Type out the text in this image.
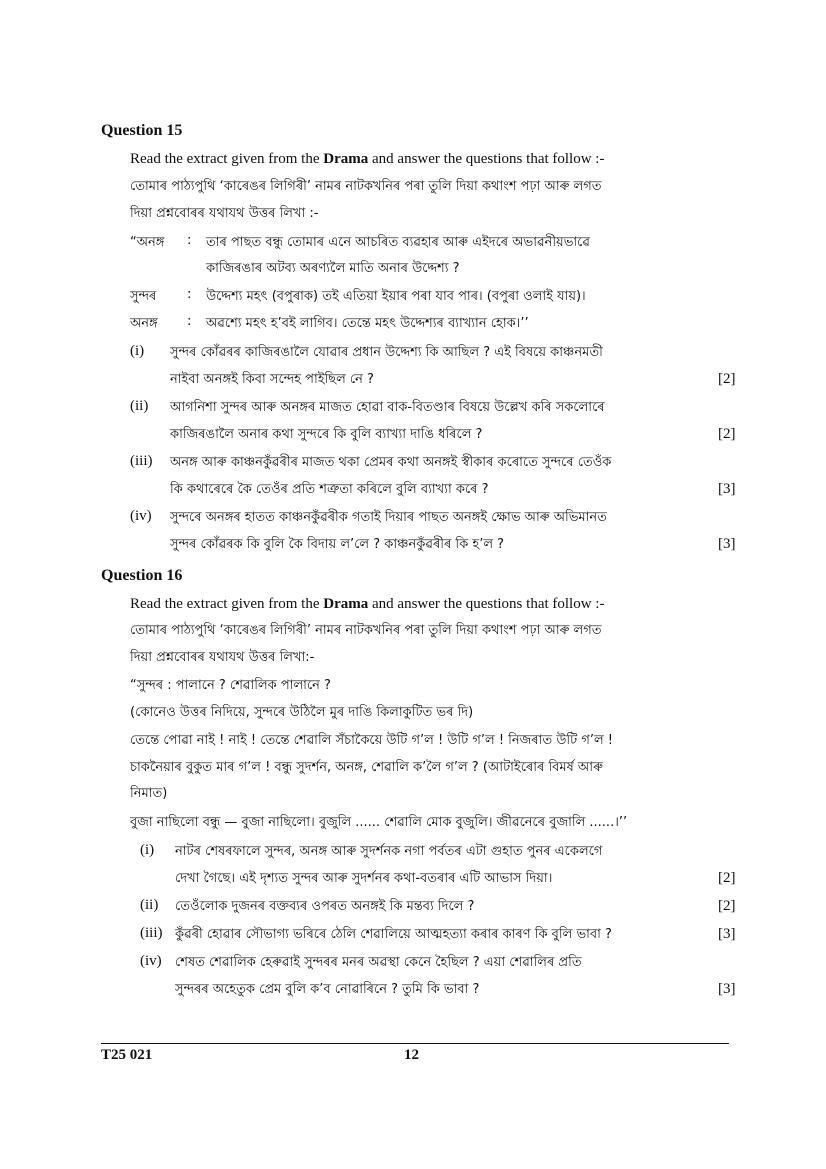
Question 15
Read the extract given from the Drama and answer the questions that follow :-
তোমাৰ পাঠ্যপুথি ‘কাৰেঙৰ লিগিৰী’ নামৰ নাটকখনিৰ পৰা তুলি দিয়া কথাংশ পঢ়া আৰু লগত
দিয়া প্ৰশ্নবোৰৰ যথাযথ উত্তৰ লিখা :-
“অনঙ্গ : তাৰ পাছত বন্ধু তোমাৰ এনে আচৰিত ব্যৱহাৰ আৰু এইদৰে অভাৱনীয়ভাৱে
কাজিৰঙাৰ অটব্য অৰণ্যলৈ মাতি অনাৰ উদ্দেশ্য ?
সুন্দৰ : উদ্দেশ্য মহৎ (বপুৰাক) তই এতিয়া ইয়াৰ পৰা যাব পাৰ। (বপুৰা ওলাই যায়)।
অনঙ্গ : অৱশ্যে মহৎ হ’বই লাগিব। তেন্তে মহৎ উদ্দেশ্যৰ ব্যাখ্যান হোক।’’
(i) সুন্দৰ কোঁৱৰৰ কাজিৰঙালৈ যোৱাৰ প্ৰধান উদ্দেশ্য কি আছিল ? এই বিষয়ে কাঞ্চনমতী
নাইবা অনঙ্গই কিবা সন্দেহ পাইছিল নে ?	[2]
(ii) আগনিশা সুন্দৰ আৰু অনঙ্গৰ মাজত হোৱা বাক-বিতণ্ডাৰ বিষয়ে উল্লেখ কৰি সকলোৰে
কাজিৰঙালৈ অনাৰ কথা সুন্দৰে কি বুলি ব্যাখ্যা দাঙি ধৰিলে ?	[2]
(iii) অনঙ্গ আৰু কাঞ্চনকুঁৱৰীৰ মাজত থকা প্ৰেমৰ কথা অনঙ্গই স্বীকাৰ কৰোতে সুন্দৰে তেওঁক
কি কথাৰেৰে কৈ তেওঁৰ প্ৰতি শত্ৰুতা কৰিলে বুলি ব্যাখ্যা কৰে ?	[3]
(iv) সুন্দৰে অনঙ্গৰ হাতত কাঞ্চনকুঁৱৰীক গতাই দিয়াৰ পাছত অনঙ্গই ক্ষোভ আৰু অভিমানত
সুন্দৰ কোঁৱৰক কি বুলি কৈ বিদায় ল’লে ? কাঞ্চনকুঁৱৰীৰ কি হ’ল ?	[3]
Question 16
Read the extract given from the Drama and answer the questions that follow :-
তোমাৰ পাঠ্যপুথি ‘কাৰেঙৰ লিগিৰী’ নামৰ নাটকখনিৰ পৰা তুলি দিয়া কথাংশ পঢ়া আৰু লগত
দিয়া প্ৰশ্নবোৰৰ যথাযথ উত্তৰ লিখা:-
“সুন্দৰ : পালানে ? শেৱালিক পালানে ?
(কোনেও উত্তৰ নিদিয়ে, সুন্দৰে উঠিলৈ মুৰ দাঙি কিলাকুটিত ভৰ দি)
তেন্তে পোৱা নাই ! নাই ! তেন্তে শেৱালি সঁচাকৈয়ে উটি গ’ল ! উটি গ’ল ! নিজৰাত উটি গ’ল !
চাকনৈয়াৰ বুকুত মাৰ গ’ল ! বন্ধু সুদৰ্শন, অনঙ্গ, শেৱালি ক’লৈ গ’ল ? (আটাইৰোৰ বিমৰ্ষ আৰু
নিমাত)
বুজা নাছিলো বন্ধু — বুজা নাছিলো। বুজুলি ...... শেৱালি মোক বুজুলি। জীৱনেৰে বুজালি ......।’’
(i) নাটৰ শেষৰফালে সুন্দৰ, অনঙ্গ আৰু সুদৰ্শনক নগা পৰ্বতৰ এটা গুহাত পুনৰ একেলগে
দেখা গৈছে। এই দৃশ্যত সুন্দৰ আৰু সুদৰ্শনৰ কথা-বতৰাৰ এটি আভাস দিয়া।	[2]
(ii) তেওঁলোক দুজনৰ বক্তব্যৰ ওপৰত অনঙ্গই কি মন্তব্য দিলে ?	[2]
(iii) কুঁৱৰী হোৱাৰ সৌভাগ্য ভৰিৰে ঠেলি শেৱালিয়ে আত্মহত্যা কৰাৰ কাৰণ কি বুলি ভাবা ?	[3]
(iv) শেষত শেৱালিক হেৰুৱাই সুন্দৰৰ মনৰ অৱস্থা কেনে হৈছিল ? এয়া শেৱালিৰ প্ৰতি
সুন্দৰৰ অহেতুক প্ৰেম বুলি ক’ব নোৱাৰিনে ? তুমি কি ভাবা ?	[3]
T25 021	12
